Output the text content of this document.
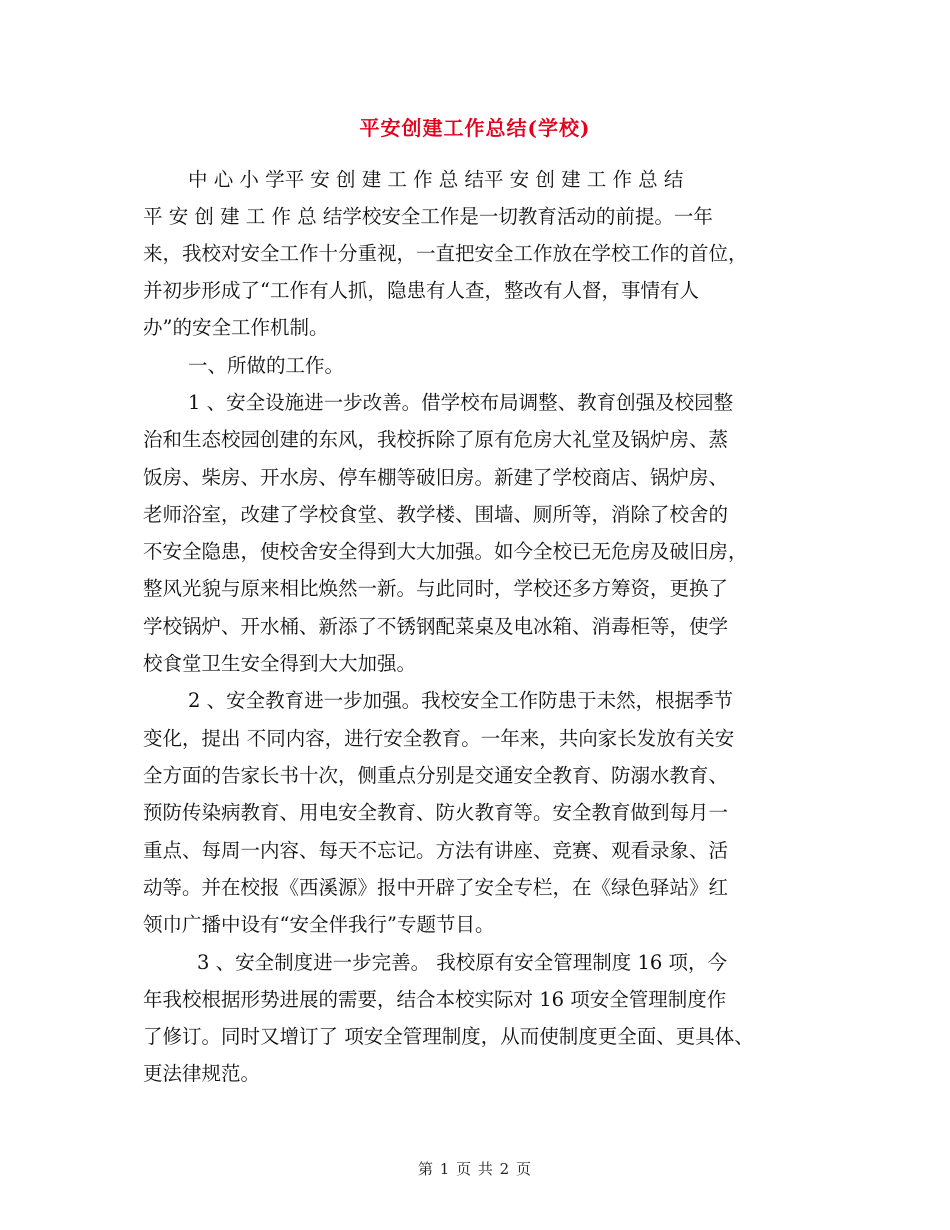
平安创建工作总结(学校)
中 心 小 学平 安 创 建 工 作 总 结平 安 创 建 工 作 总 结
平 安 创 建 工 作 总 结学校安全工作是一切教育活动的前提。一年
来，我校对安全工作十分重视，一直把安全工作放在学校工作的首位，
并初步形成了“工作有人抓，隐患有人查，整改有人督，事情有人
办”的安全工作机制。
一、所做的工作。
1 、安全设施进一步改善。借学校布局调整、教育创强及校园整
治和生态校园创建的东风，我校拆除了原有危房大礼堂及锅炉房、蒸
饭房、柴房、开水房、停车棚等破旧房。新建了学校商店、锅炉房、
老师浴室，改建了学校食堂、教学楼、围墙、厕所等，消除了校舍的
不安全隐患，使校舍安全得到大大加强。如今全校已无危房及破旧房，
整风光貌与原来相比焕然一新。与此同时，学校还多方筹资，更换了
学校锅炉、开水桶、新添了不锈钢配菜桌及电冰箱、消毒柜等，使学
校食堂卫生安全得到大大加强。
2 、安全教育进一步加强。我校安全工作防患于未然，根据季节
变化，提出 不同内容，进行安全教育。一年来，共向家长发放有关安
全方面的告家长书十次，侧重点分别是交通安全教育、防溺水教育、
预防传染病教育、用电安全教育、防火教育等。安全教育做到每月一
重点、每周一内容、每天不忘记。方法有讲座、竞赛、观看录象、活
动等。并在校报《西溪源》报中开辟了安全专栏，在《绿色驿站》红
领巾广播中设有“安全伴我行”专题节目。
3 、安全制度进一步完善。 我校原有安全管理制度 16 项，今
年我校根据形势进展的需要，结合本校实际对 16 项安全管理制度作
了修订。同时又增订了 项安全管理制度，从而使制度更全面、更具体、
更法律规范。
第 1 页 共 2 页
